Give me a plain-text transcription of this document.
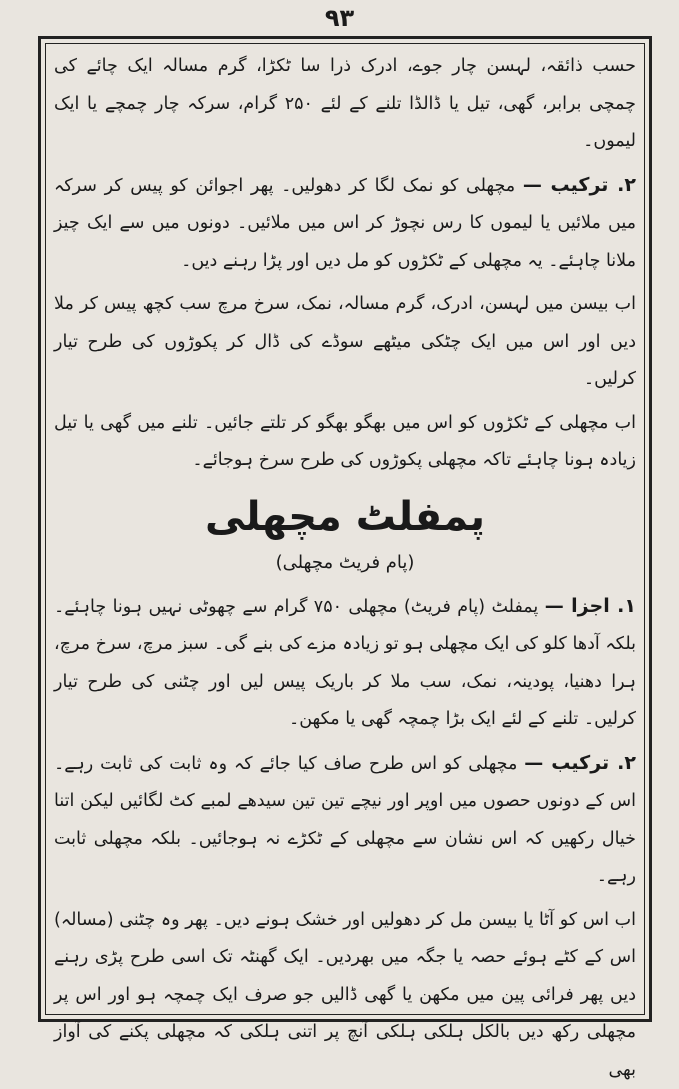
۹۳

حسب ذائقہ، لہسن چار جوے، ادرک ذرا سا ٹکڑا، گرم مسالہ ایک چائے کی چمچی برابر، گھی، تیل یا ڈالڈا تلنے کے لئے ۲۵۰ گرام، سرکہ چار چمچے یا ایک لیموں۔

۲. ترکیب — مچھلی کو نمک لگا کر دھولیں۔ پھر اجوائن کو پیس کر سرکہ میں ملائیں یا لیموں کا رس نچوڑ کر اس میں ملائیں۔ دونوں میں سے ایک چیز ملانا چاہئے۔ یہ مچھلی کے ٹکڑوں کو مل دیں اور پڑا رہنے دیں۔

اب بیسن میں لہسن، ادرک، گرم مسالہ، نمک، سرخ مرچ سب کچھ پیس کر ملا دیں اور اس میں ایک چٹکی میٹھے سوڈے کی ڈال کر پکوڑوں کی طرح تیار کرلیں۔

اب مچھلی کے ٹکڑوں کو اس میں بھگو بھگو کر تلتے جائیں۔ تلنے میں گھی یا تیل زیادہ ہونا چاہئے تاکہ مچھلی پکوڑوں کی طرح سرخ ہوجائے۔

پمفلٹ مچھلی
(پام فریٹ مچھلی)

۱. اجزا — پمفلٹ (پام فریٹ) مچھلی ۷۵۰ گرام سے چھوٹی نہیں ہونا چاہئے۔ بلکہ آدھا کلو کی ایک مچھلی ہو تو زیادہ مزے کی بنے گی۔ سبز مرچ، سرخ مرچ، ہرا دھنیا، پودینہ، نمک، سب ملا کر باریک پیس لیں اور چٹنی کی طرح تیار کرلیں۔ تلنے کے لئے ایک بڑا چمچہ گھی یا مکھن۔

۲. ترکیب — مچھلی کو اس طرح صاف کیا جائے کہ وہ ثابت کی ثابت رہے۔ اس کے دونوں حصوں میں اوپر اور نیچے تین تین سیدھے لمبے کٹ لگائیں لیکن اتنا خیال رکھیں کہ اس نشان سے مچھلی کے ٹکڑے نہ ہوجائیں۔ بلکہ مچھلی ثابت رہے۔

اب اس کو آٹا یا بیسن مل کر دھولیں اور خشک ہونے دیں۔ پھر وہ چٹنی (مسالہ) اس کے کٹے ہوئے حصہ یا جگہ میں بھردیں۔ ایک گھنٹہ تک اسی طرح پڑی رہنے دیں پھر فرائی پین میں مکھن یا گھی ڈالیں جو صرف ایک چمچہ ہو اور اس پر مچھلی رکھ دیں بالکل ہلکی ہلکی آنچ پر اتنی ہلکی کہ مچھلی پکنے کی آواز بھی
